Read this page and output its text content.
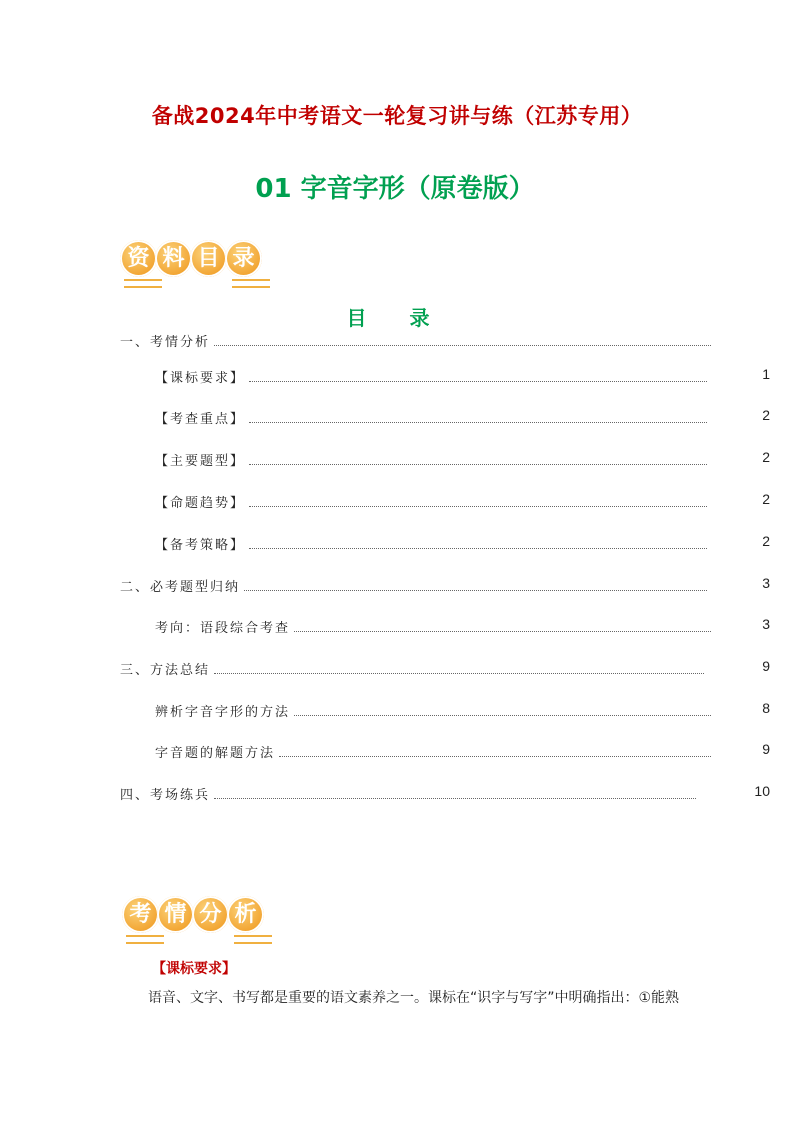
备战2024年中考语文一轮复习讲与练（江苏专用）
01 字音字形（原卷版）
资 料 目 录
目 录
一、考情分析
【课标要求】	1
【考查重点】	2
【主要题型】	2
【命题趋势】	2
【备考策略】	2
二、必考题型归纳	3
考向：语段综合考查	3
三、方法总结	9
辨析字音字形的方法	8
字音题的解题方法	9
四、考场练兵	10
考 情 分 析
【课标要求】
语音、文字、书写都是重要的语文素养之一。课标在“识字与写字”中明确指出：①能熟
